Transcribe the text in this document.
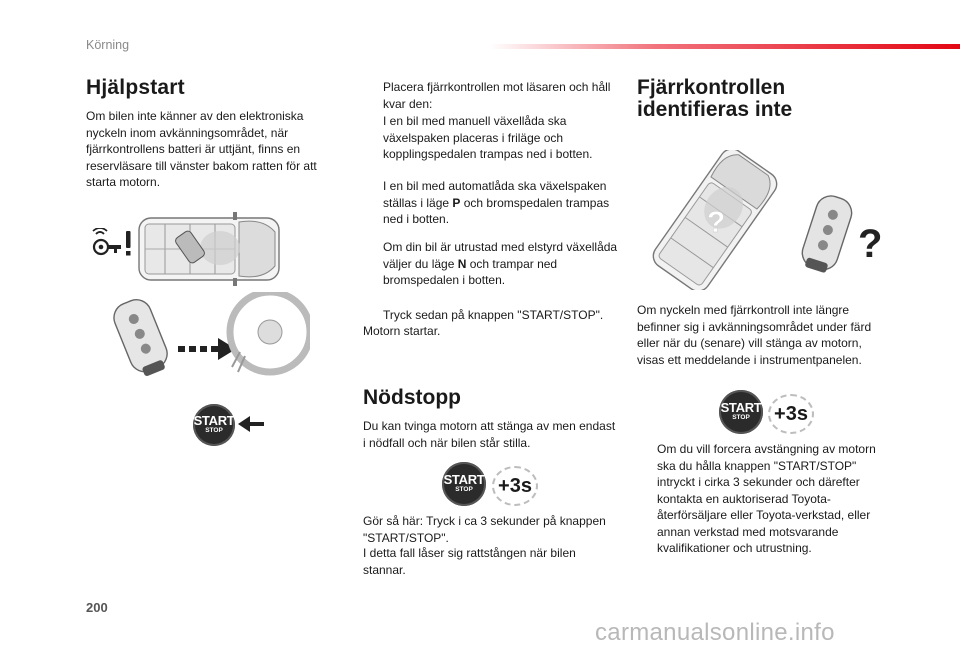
Körning
Hjälpstart
Om bilen inte känner av den elektroniska nyckeln inom avkänningsområdet, när fjärrkontrollens batteri är uttjänt, finns en reservläsare till vänster bakom ratten för att starta motorn.
START
STOP
Placera fjärrkontrollen mot läsaren och håll kvar den:
I en bil med manuell växellåda ska växelspaken placeras i friläge och kopplingspedalen trampas ned i botten.
I en bil med automatlåda ska växelspaken ställas i läge P och bromspedalen trampas ned i botten.
Om din bil är utrustad med elstyrd växellåda väljer du läge N och trampar ned bromspedalen i botten.
Tryck sedan på knappen "START/STOP".
Motorn startar.
Nödstopp
Du kan tvinga motorn att stänga av men endast i nödfall och när bilen står stilla.
START
STOP	+3s
Gör så här: Tryck i ca 3 sekunder på knappen "START/STOP".
I detta fall låser sig rattstången när bilen stannar.
Fjärrkontrollen identifieras inte
?	?
Om nyckeln med fjärrkontroll inte längre befinner sig i avkänningsområdet under färd eller när du (senare) vill stänga av motorn, visas ett meddelande i instrumentpanelen.
START
STOP	+3s
Om du vill forcera avstängning av motorn ska du hålla knappen "START/STOP" intryckt i cirka 3 sekunder och därefter kontakta en auktoriserad Toyota-återförsäljare eller Toyota-verkstad, eller annan verkstad med motsvarande kvalifikationer och utrustning.
200
carmanualsonline.info
